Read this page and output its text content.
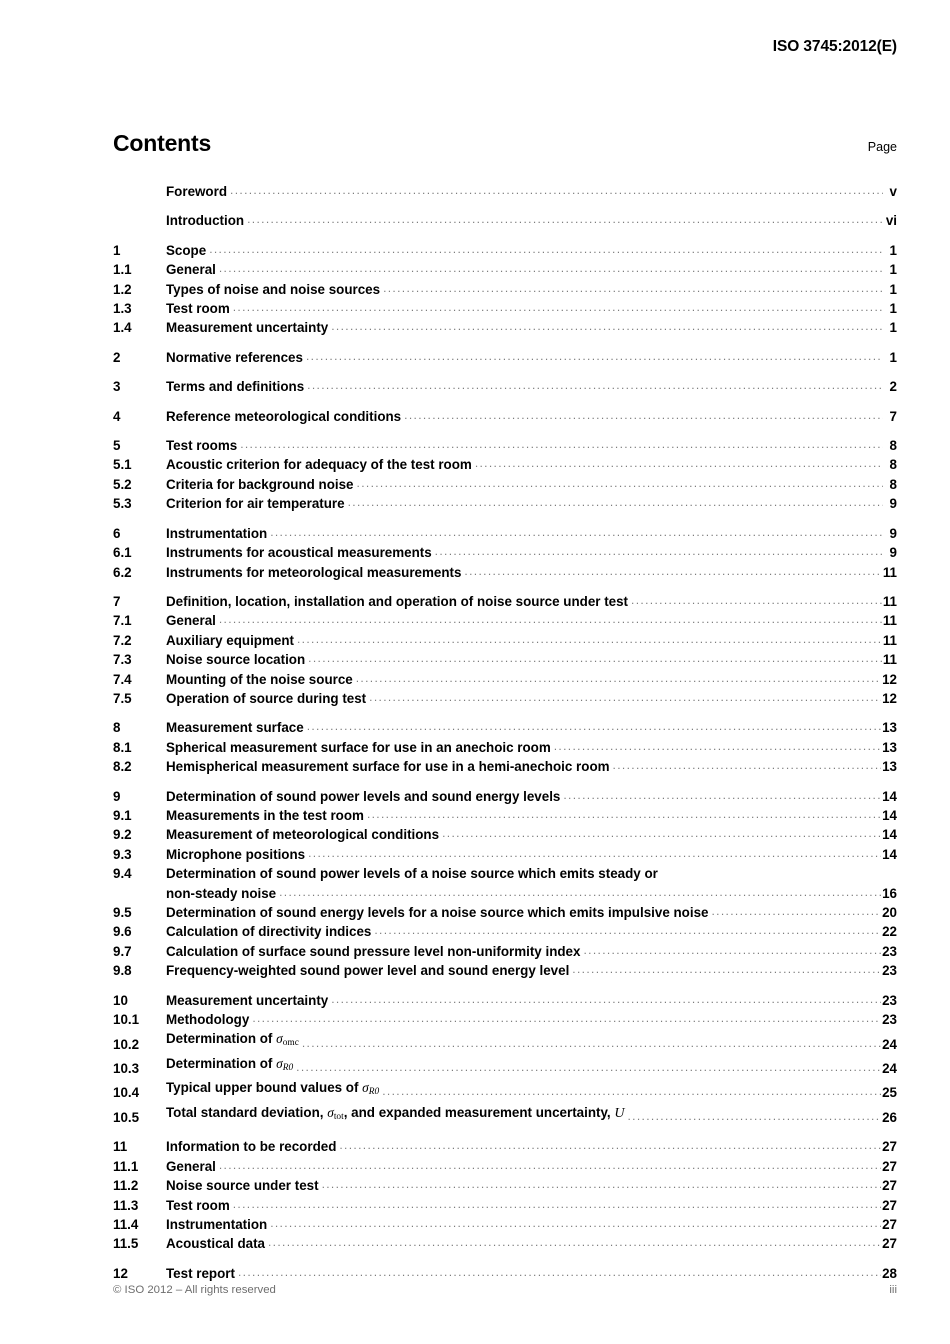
ISO 3745:2012(E)
Contents	Page
Foreword .....	v
Introduction .....	vi
1	Scope .....	1
1.1	General .....	1
1.2	Types of noise and noise sources .....	1
1.3	Test room .....	1
1.4	Measurement uncertainty .....	1
2	Normative references .....	1
3	Terms and definitions .....	2
4	Reference meteorological conditions .....	7
5	Test rooms .....	8
5.1	Acoustic criterion for adequacy of the test room .....	8
5.2	Criteria for background noise .....	8
5.3	Criterion for air temperature .....	9
6	Instrumentation .....	9
6.1	Instruments for acoustical measurements .....	9
6.2	Instruments for meteorological measurements .....	11
7	Definition, location, installation and operation of noise source under test .....	11
7.1	General .....	11
7.2	Auxiliary equipment .....	11
7.3	Noise source location .....	11
7.4	Mounting of the noise source .....	12
7.5	Operation of source during test .....	12
8	Measurement surface .....	13
8.1	Spherical measurement surface for use in an anechoic room .....	13
8.2	Hemispherical measurement surface for use in a hemi-anechoic room .....	13
9	Determination of sound power levels and sound energy levels .....	14
9.1	Measurements in the test room .....	14
9.2	Measurement of meteorological conditions .....	14
9.3	Microphone positions .....	14
9.4	Determination of sound power levels of a noise source which emits steady or
non-steady noise .....	16
9.5	Determination of sound energy levels for a noise source which emits impulsive noise .....	20
9.6	Calculation of directivity indices .....	22
9.7	Calculation of surface sound pressure level non-uniformity index .....	23
9.8	Frequency-weighted sound power level and sound energy level .....	23
10	Measurement uncertainty .....	23
10.1	Methodology .....	23
10.2	Determination of $\sigma_{omc}$ .....	24
10.3	Determination of $\sigma_{R0}$ .....	24
10.4	Typical upper bound values of $\sigma_{R0}$ .....	25
10.5	Total standard deviation, $\sigma_{tot}$, and expanded measurement uncertainty, U .....	26
11	Information to be recorded .....	27
11.1	General .....	27
11.2	Noise source under test .....	27
11.3	Test room .....	27
11.4	Instrumentation .....	27
11.5	Acoustical data .....	27
12	Test report .....	28
© ISO 2012 – All rights reserved	iii
